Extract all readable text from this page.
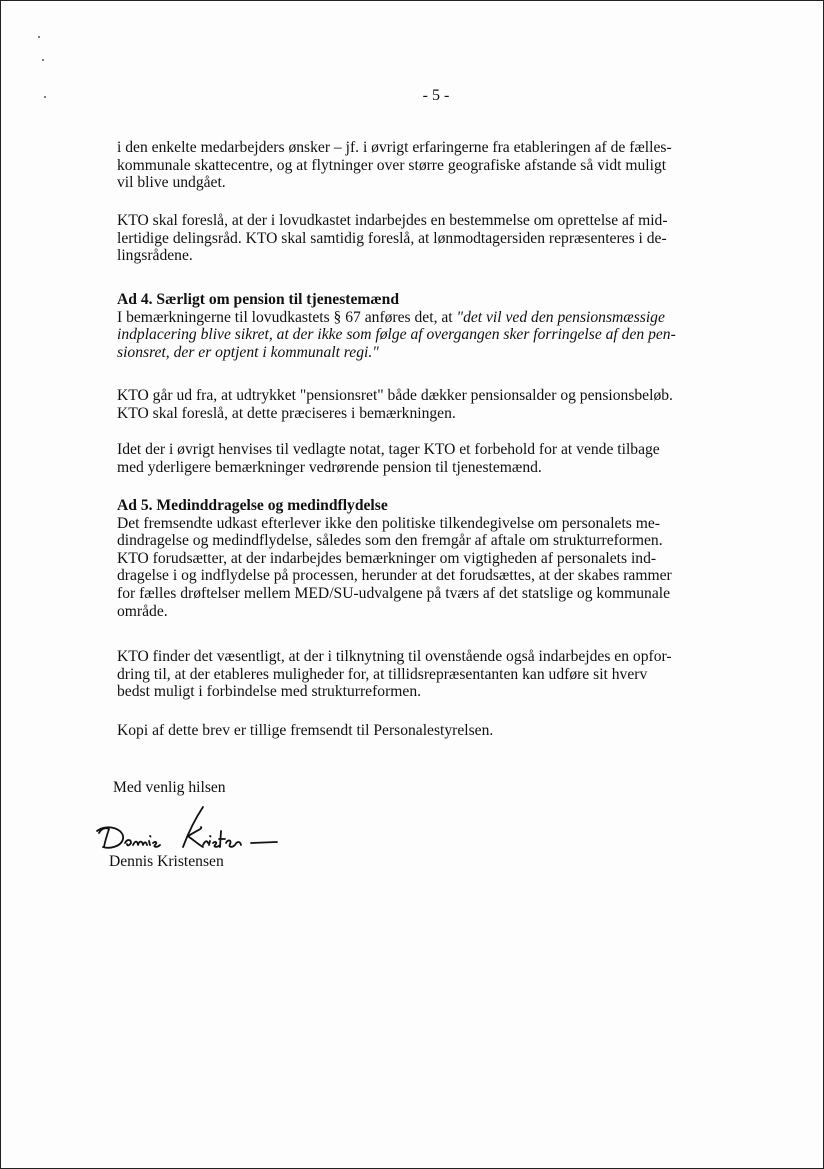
- 5 -

i den enkelte medarbejders ønsker – jf. i øvrigt erfaringerne fra etableringen af de fælles-

kommunale skattecentre, og at flytninger over større geografiske afstande så vidt muligt

vil blive undgået.

KTO skal foreslå, at der i lovudkastet indarbejdes en bestemmelse om oprettelse af mid-

lertidige delingsråd. KTO skal samtidig foreslå, at lønmodtagersiden repræsenteres i de-

lingsrådene.

Ad 4. Særligt om pension til tjenestemænd

I bemærkningerne til lovudkastets § 67 anføres det, at "det vil ved den pensionsmæssige

indplacering blive sikret, at der ikke som følge af overgangen sker forringelse af den pen-

sionsret, der er optjent i kommunalt regi."

KTO går ud fra, at udtrykket "pensionsret" både dækker pensionsalder og pensionsbeløb.

KTO skal foreslå, at dette præciseres i bemærkningen.

Idet der i øvrigt henvises til vedlagte notat, tager KTO et forbehold for at vende tilbage

med yderligere bemærkninger vedrørende pension til tjenestemænd.

Ad 5. Medinddragelse og medindflydelse

Det fremsendte udkast efterlever ikke den politiske tilkendegivelse om personalets me-

dindragelse og medindflydelse, således som den fremgår af aftale om strukturreformen.

KTO forudsætter, at der indarbejdes bemærkninger om vigtigheden af personalets ind-

dragelse i og indflydelse på processen, herunder at det forudsættes, at der skabes rammer

for fælles drøftelser mellem MED/SU-udvalgene på tværs af det statslige og kommunale

område.

KTO finder det væsentligt, at der i tilknytning til ovenstående også indarbejdes en opfor-

dring til, at der etableres muligheder for, at tillidsrepræsentanten kan udføre sit hverv

bedst muligt i forbindelse med strukturreformen.

Kopi af dette brev er tillige fremsendt til Personalestyrelsen.

Med venlig hilsen

Dennis Kristensen
